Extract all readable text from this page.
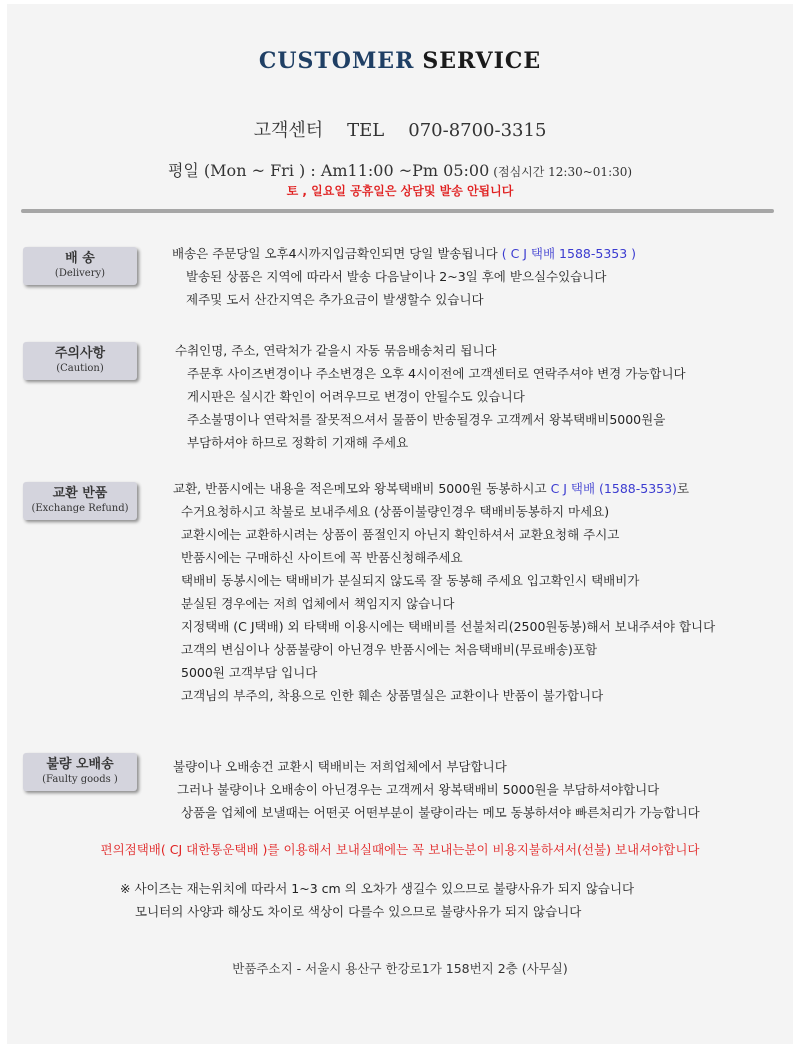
CUSTOMER SERVICE
고객센터 TEL 070-8700-3315
평일 (Mon ~ Fri ) : Am11:00 ~Pm 05:00 (점심시간 12:30~01:30)
토 , 일요일 공휴일은 상담및 발송 안됩니다
배 송
(Delivery)
배송은 주문당일 오후4시까지입금확인되면 당일 발송됩니다 ( C J 택배 1588-5353 )
발송된 상품은 지역에 따라서 발송 다음날이나 2~3일 후에 받으실수있습니다
제주및 도서 산간지역은 추가요금이 발생할수 있습니다
주의사항
(Caution)
수취인명, 주소, 연락처가 같을시 자동 묶음배송처리 됩니다
주문후 사이즈변경이나 주소변경은 오후 4시이전에 고객센터로 연락주셔야 변경 가능합니다
게시판은 실시간 확인이 어려우므로 변경이 안될수도 있습니다
주소불명이나 연락처를 잘못적으셔서 물품이 반송될경우 고객께서 왕복택배비5000원을
부담하셔야 하므로 정확히 기재해 주세요
교환 반품
(Exchange Refund)
교환, 반품시에는 내용을 적은메모와 왕복택배비 5000원 동봉하시고 C J 택배 (1588-5353)로
수거요청하시고 착불로 보내주세요 (상품이불량인경우 택배비동봉하지 마세요)
교환시에는 교환하시려는 상품이 품절인지 아닌지 확인하셔서 교환요청해 주시고
반품시에는 구매하신 사이트에 꼭 반품신청해주세요
택배비 동봉시에는 택배비가 분실되지 않도록 잘 동봉해 주세요 입고확인시 택배비가
분실된 경우에는 저희 업체에서 책임지지 않습니다
지정택배 (C J택배) 외 타택배 이용시에는 택배비를 선불처리(2500원동봉)해서 보내주셔야 합니다
고객의 변심이나 상품불량이 아닌경우 반품시에는 처음택배비(무료배송)포함
5000원 고객부담 입니다
고객님의 부주의, 착용으로 인한 훼손 상품멸실은 교환이나 반품이 불가합니다
불량 오배송
(Faulty goods )
불량이나 오배송건 교환시 택배비는 저희업체에서 부담합니다
그러나 불량이나 오배송이 아닌경우는 고객께서 왕복택배비 5000원을 부담하셔야합니다
상품을 업체에 보낼때는 어떤곳 어떤부분이 불량이라는 메모 동봉하셔야 빠른처리가 가능합니다
편의점택배( CJ 대한통운택배 )를 이용해서 보내실때에는 꼭 보내는분이 비용지불하셔서(선불) 보내셔야합니다
※ 사이즈는 재는위치에 따라서 1~3 cm 의 오차가 생길수 있으므로 불량사유가 되지 않습니다
모니터의 사양과 해상도 차이로 색상이 다를수 있으므로 불량사유가 되지 않습니다
반품주소지 - 서울시 용산구 한강로1가 158번지 2층 (사무실)
